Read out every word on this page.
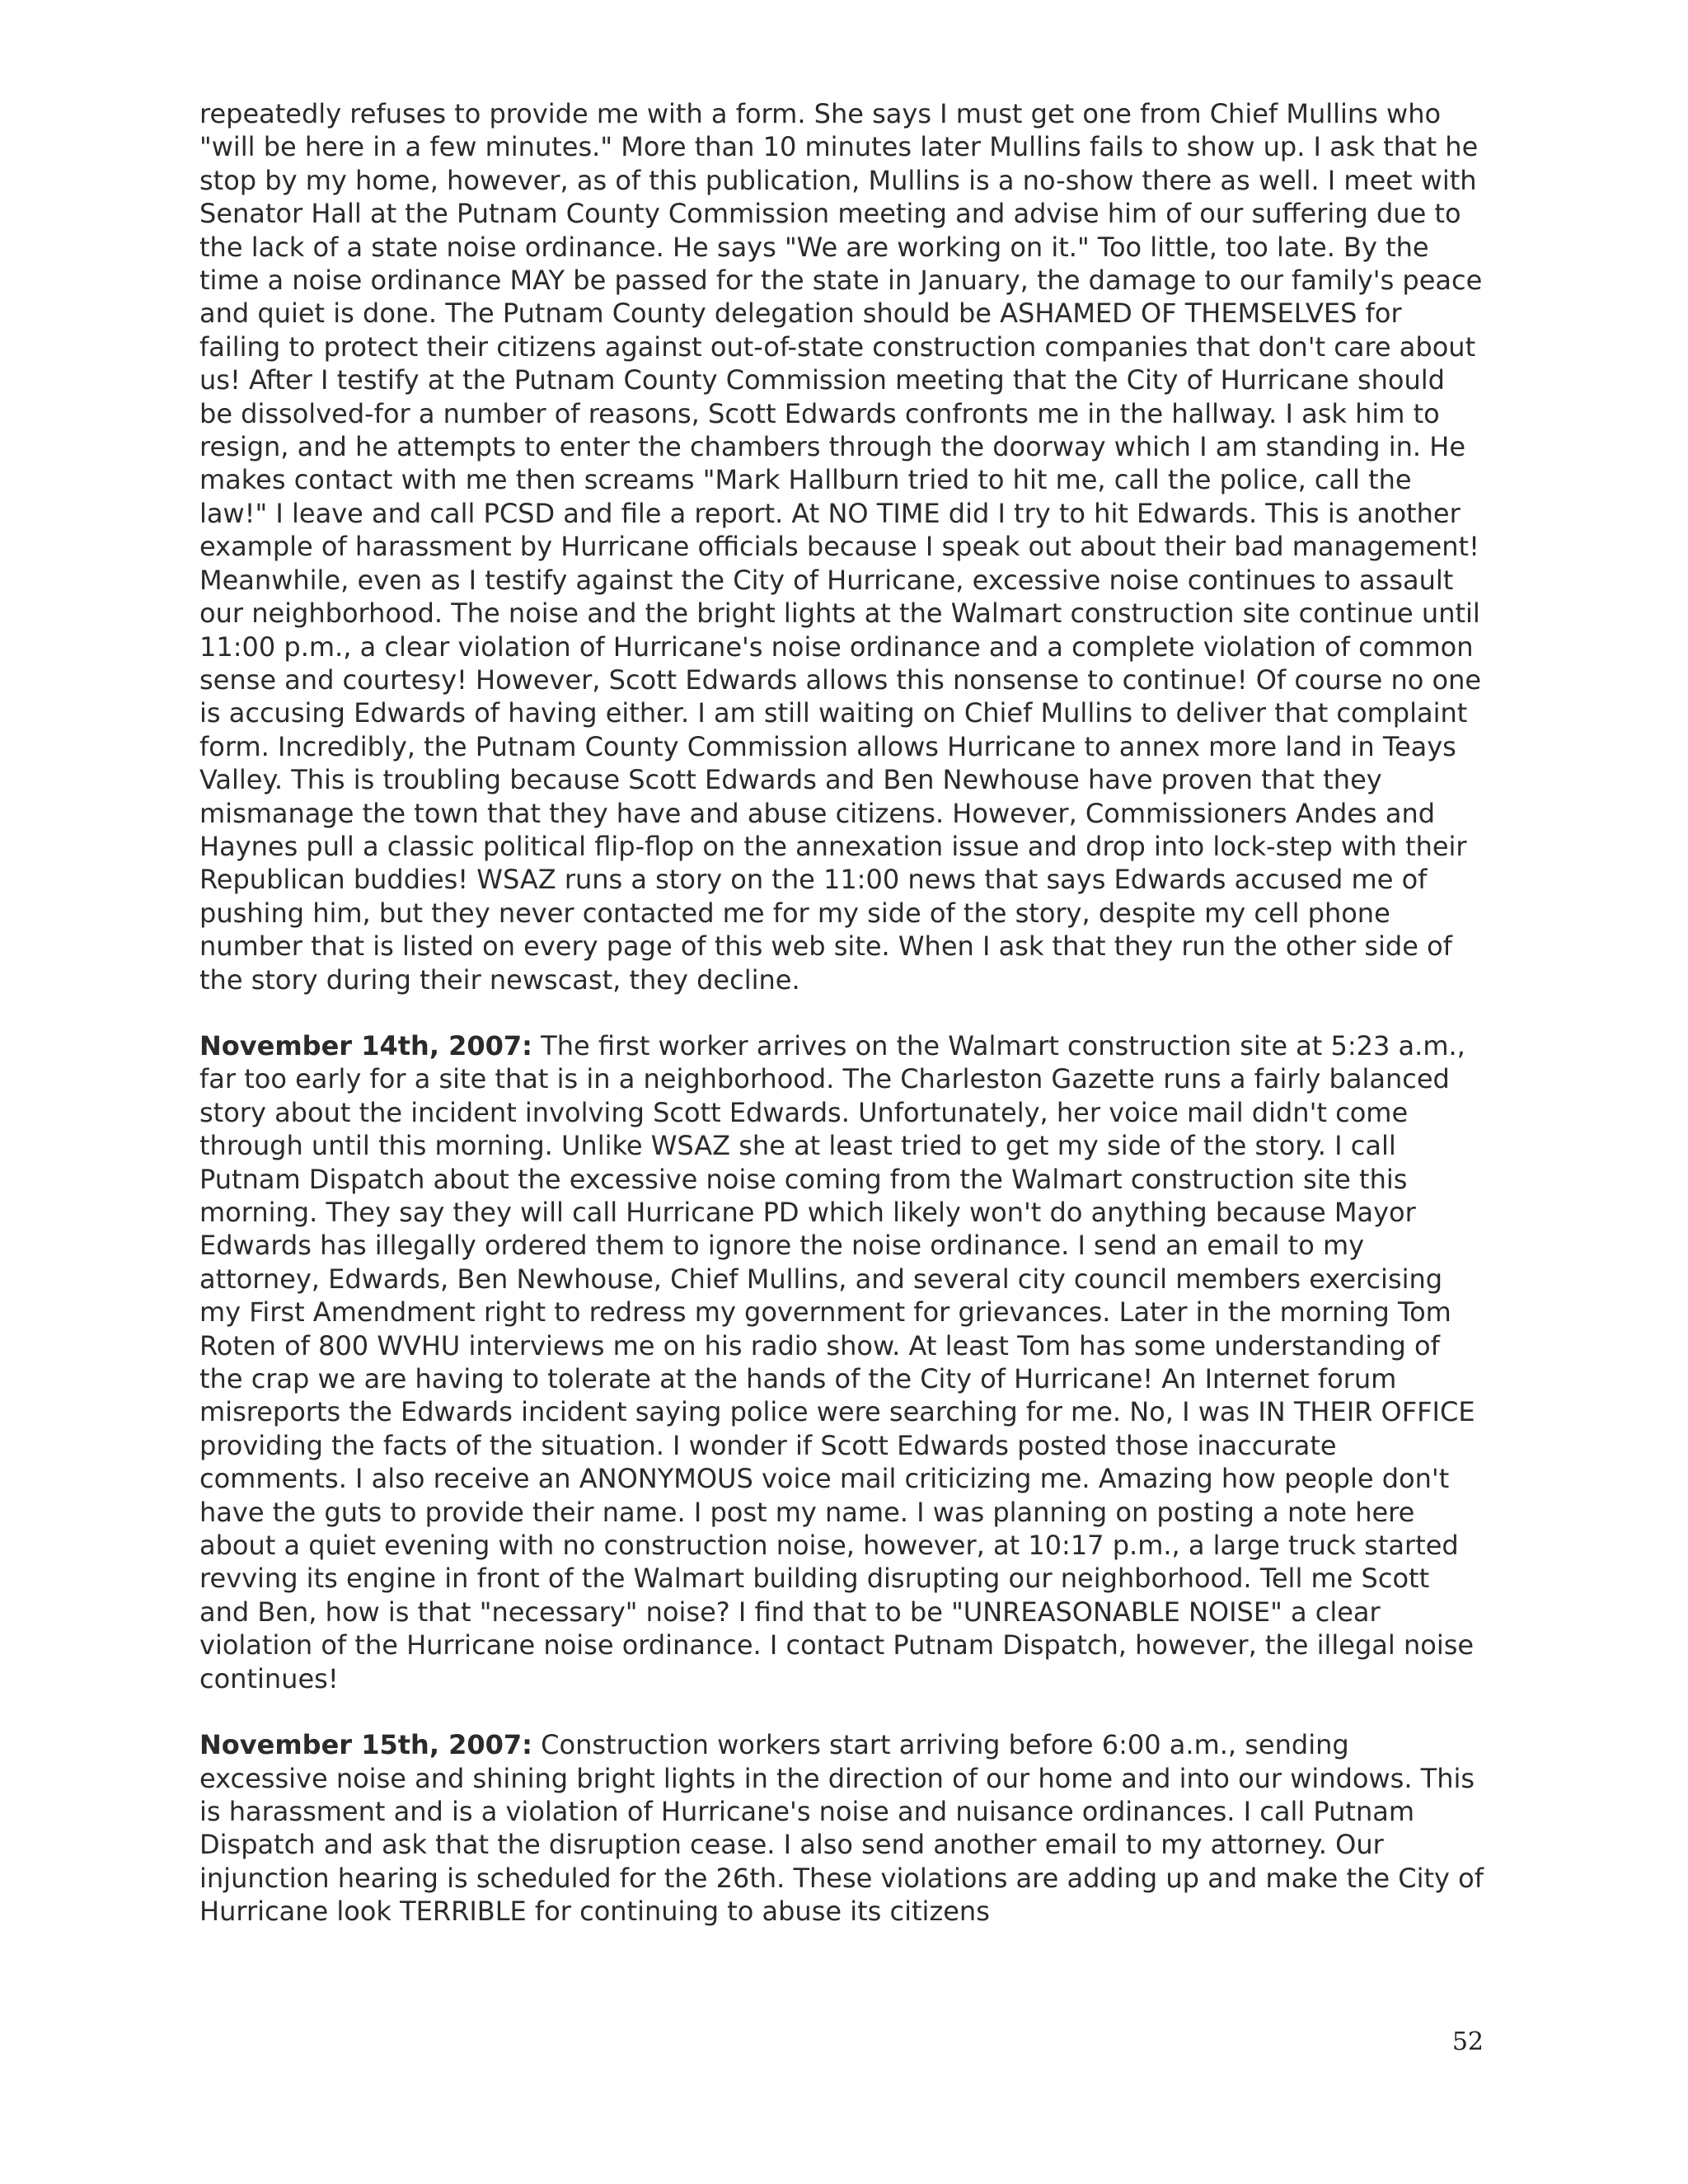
repeatedly refuses to provide me with a form. She says I must get one from Chief Mullins who "will be here in a few minutes." More than 10 minutes later Mullins fails to show up. I ask that he stop by my home, however, as of this publication, Mullins is a no-show there as well. I meet with Senator Hall at the Putnam County Commission meeting and advise him of our suffering due to the lack of a state noise ordinance. He says "We are working on it." Too little, too late. By the time a noise ordinance MAY be passed for the state in January, the damage to our family's peace and quiet is done. The Putnam County delegation should be ASHAMED OF THEMSELVES for failing to protect their citizens against out-of-state construction companies that don't care about us! After I testify at the Putnam County Commission meeting that the City of Hurricane should be dissolved-for a number of reasons, Scott Edwards confronts me in the hallway. I ask him to resign, and he attempts to enter the chambers through the doorway which I am standing in. He makes contact with me then screams "Mark Hallburn tried to hit me, call the police, call the law!" I leave and call PCSD and file a report. At NO TIME did I try to hit Edwards. This is another example of harassment by Hurricane officials because I speak out about their bad management! Meanwhile, even as I testify against the City of Hurricane, excessive noise continues to assault our neighborhood. The noise and the bright lights at the Walmart construction site continue until 11:00 p.m., a clear violation of Hurricane's noise ordinance and a complete violation of common sense and courtesy! However, Scott Edwards allows this nonsense to continue! Of course no one is accusing Edwards of having either. I am still waiting on Chief Mullins to deliver that complaint form. Incredibly, the Putnam County Commission allows Hurricane to annex more land in Teays Valley. This is troubling because Scott Edwards and Ben Newhouse have proven that they mismanage the town that they have and abuse citizens. However, Commissioners Andes and Haynes pull a classic political flip-flop on the annexation issue and drop into lock-step with their Republican buddies! WSAZ runs a story on the 11:00 news that says Edwards accused me of pushing him, but they never contacted me for my side of the story, despite my cell phone number that is listed on every page of this web site. When I ask that they run the other side of the story during their newscast, they decline.

November 14th, 2007: The first worker arrives on the Walmart construction site at 5:23 a.m., far too early for a site that is in a neighborhood. The Charleston Gazette runs a fairly balanced story about the incident involving Scott Edwards. Unfortunately, her voice mail didn't come through until this morning. Unlike WSAZ she at least tried to get my side of the story. I call Putnam Dispatch about the excessive noise coming from the Walmart construction site this morning. They say they will call Hurricane PD which likely won't do anything because Mayor Edwards has illegally ordered them to ignore the noise ordinance. I send an email to my attorney, Edwards, Ben Newhouse, Chief Mullins, and several city council members exercising my First Amendment right to redress my government for grievances. Later in the morning Tom Roten of 800 WVHU interviews me on his radio show. At least Tom has some understanding of the crap we are having to tolerate at the hands of the City of Hurricane! An Internet forum misreports the Edwards incident saying police were searching for me. No, I was IN THEIR OFFICE providing the facts of the situation. I wonder if Scott Edwards posted those inaccurate comments. I also receive an ANONYMOUS voice mail criticizing me. Amazing how people don't have the guts to provide their name. I post my name. I was planning on posting a note here about a quiet evening with no construction noise, however, at 10:17 p.m., a large truck started revving its engine in front of the Walmart building disrupting our neighborhood. Tell me Scott and Ben, how is that "necessary" noise? I find that to be "UNREASONABLE NOISE" a clear violation of the Hurricane noise ordinance. I contact Putnam Dispatch, however, the illegal noise continues!

November 15th, 2007: Construction workers start arriving before 6:00 a.m., sending excessive noise and shining bright lights in the direction of our home and into our windows. This is harassment and is a violation of Hurricane's noise and nuisance ordinances. I call Putnam Dispatch and ask that the disruption cease. I also send another email to my attorney. Our injunction hearing is scheduled for the 26th. These violations are adding up and make the City of Hurricane look TERRIBLE for continuing to abuse its citizens

52
